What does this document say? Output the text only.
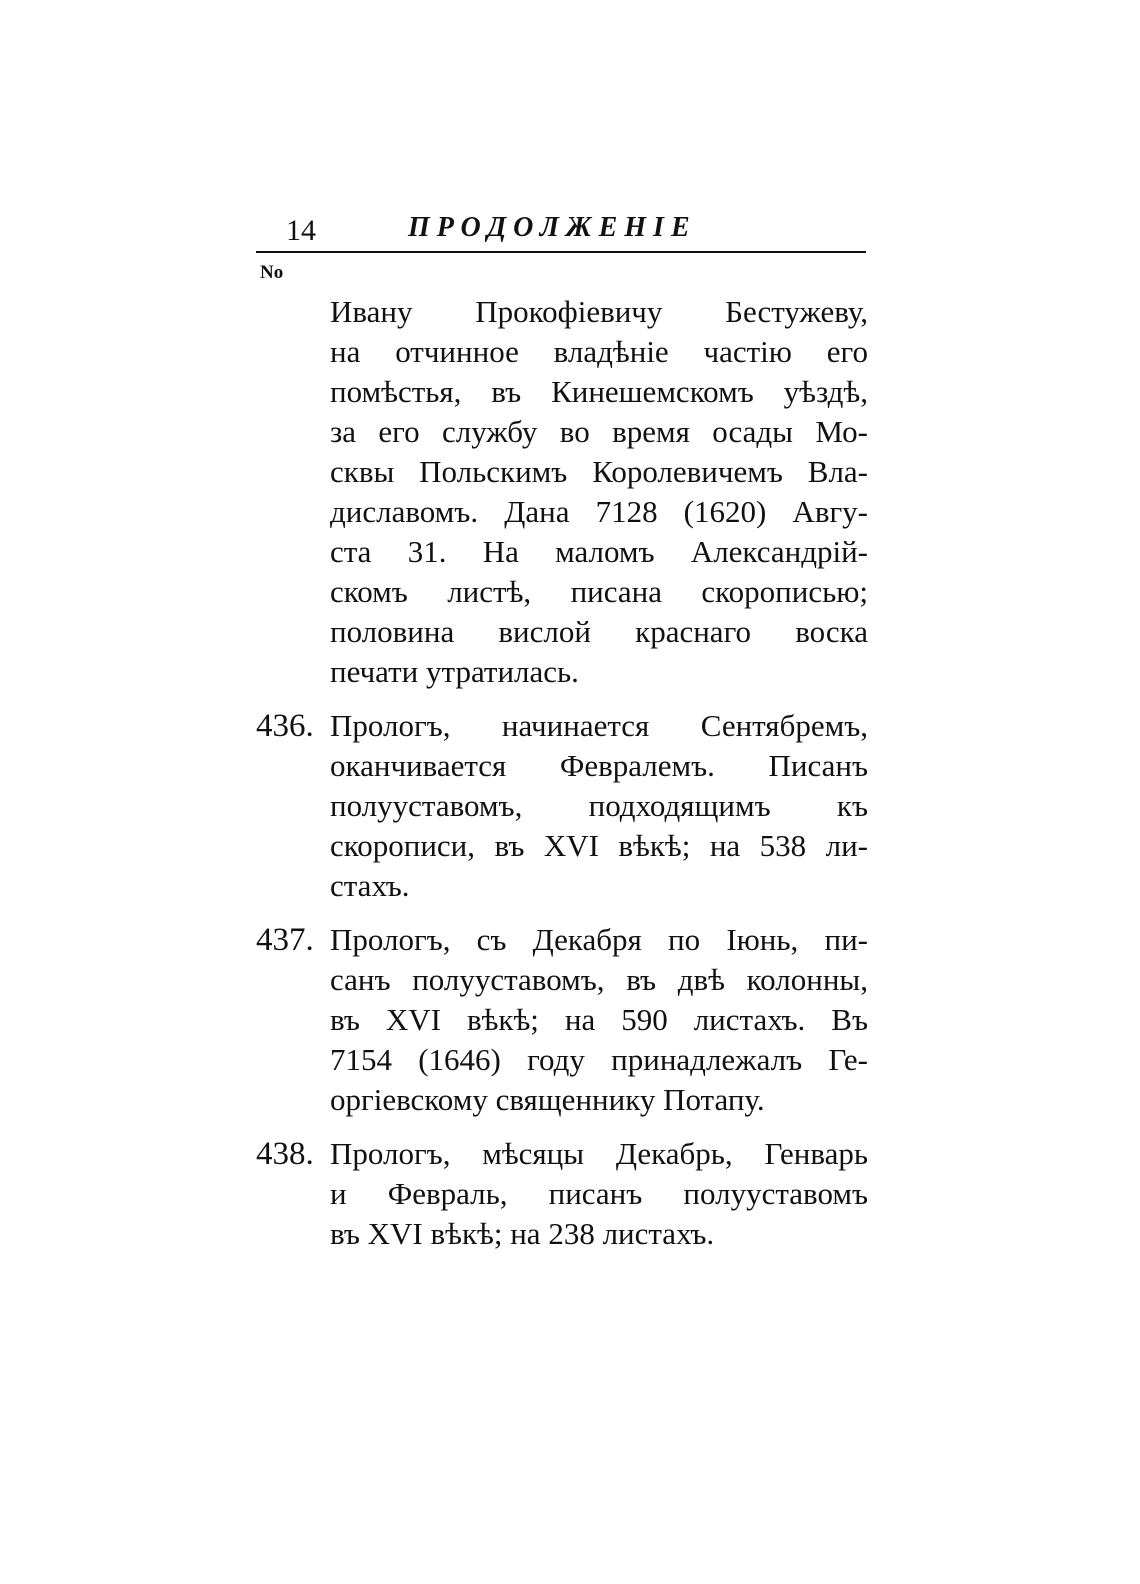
14	ПРОДОЛЖЕНІЕ
No
Ивану Прокофіевичу Бестужеву,
на отчинное владѣніе частію его
помѣстья, въ Кинешемскомъ уѣздѣ,
за его службу во время осады Мо-
сквы Польскимъ Королевичемъ Вла-
диславомъ. Дана 7128 (1620) Авгу-
ста 31. На маломъ Александрій-
скомъ листѣ, писана скорописью;
половина вислой краснаго воска
печати утратилась.
436. Прологъ, начинается Сентябремъ,
оканчивается Февралемъ. Писанъ
полууставомъ, подходящимъ къ
скорописи, въ XVI вѣкѣ; на 538 ли-
стахъ.
437. Прологъ, съ Декабря по Іюнь, пи-
санъ полууставомъ, въ двѣ колонны,
въ XVI вѣкѣ; на 590 листахъ. Въ
7154 (1646) году принадлежалъ Ге-
оргіевскому священнику Потапу.
438. Прологъ, мѣсяцы Декабрь, Генварь
и Февраль, писанъ полууставомъ
въ XVI вѣкѣ; на 238 листахъ.
